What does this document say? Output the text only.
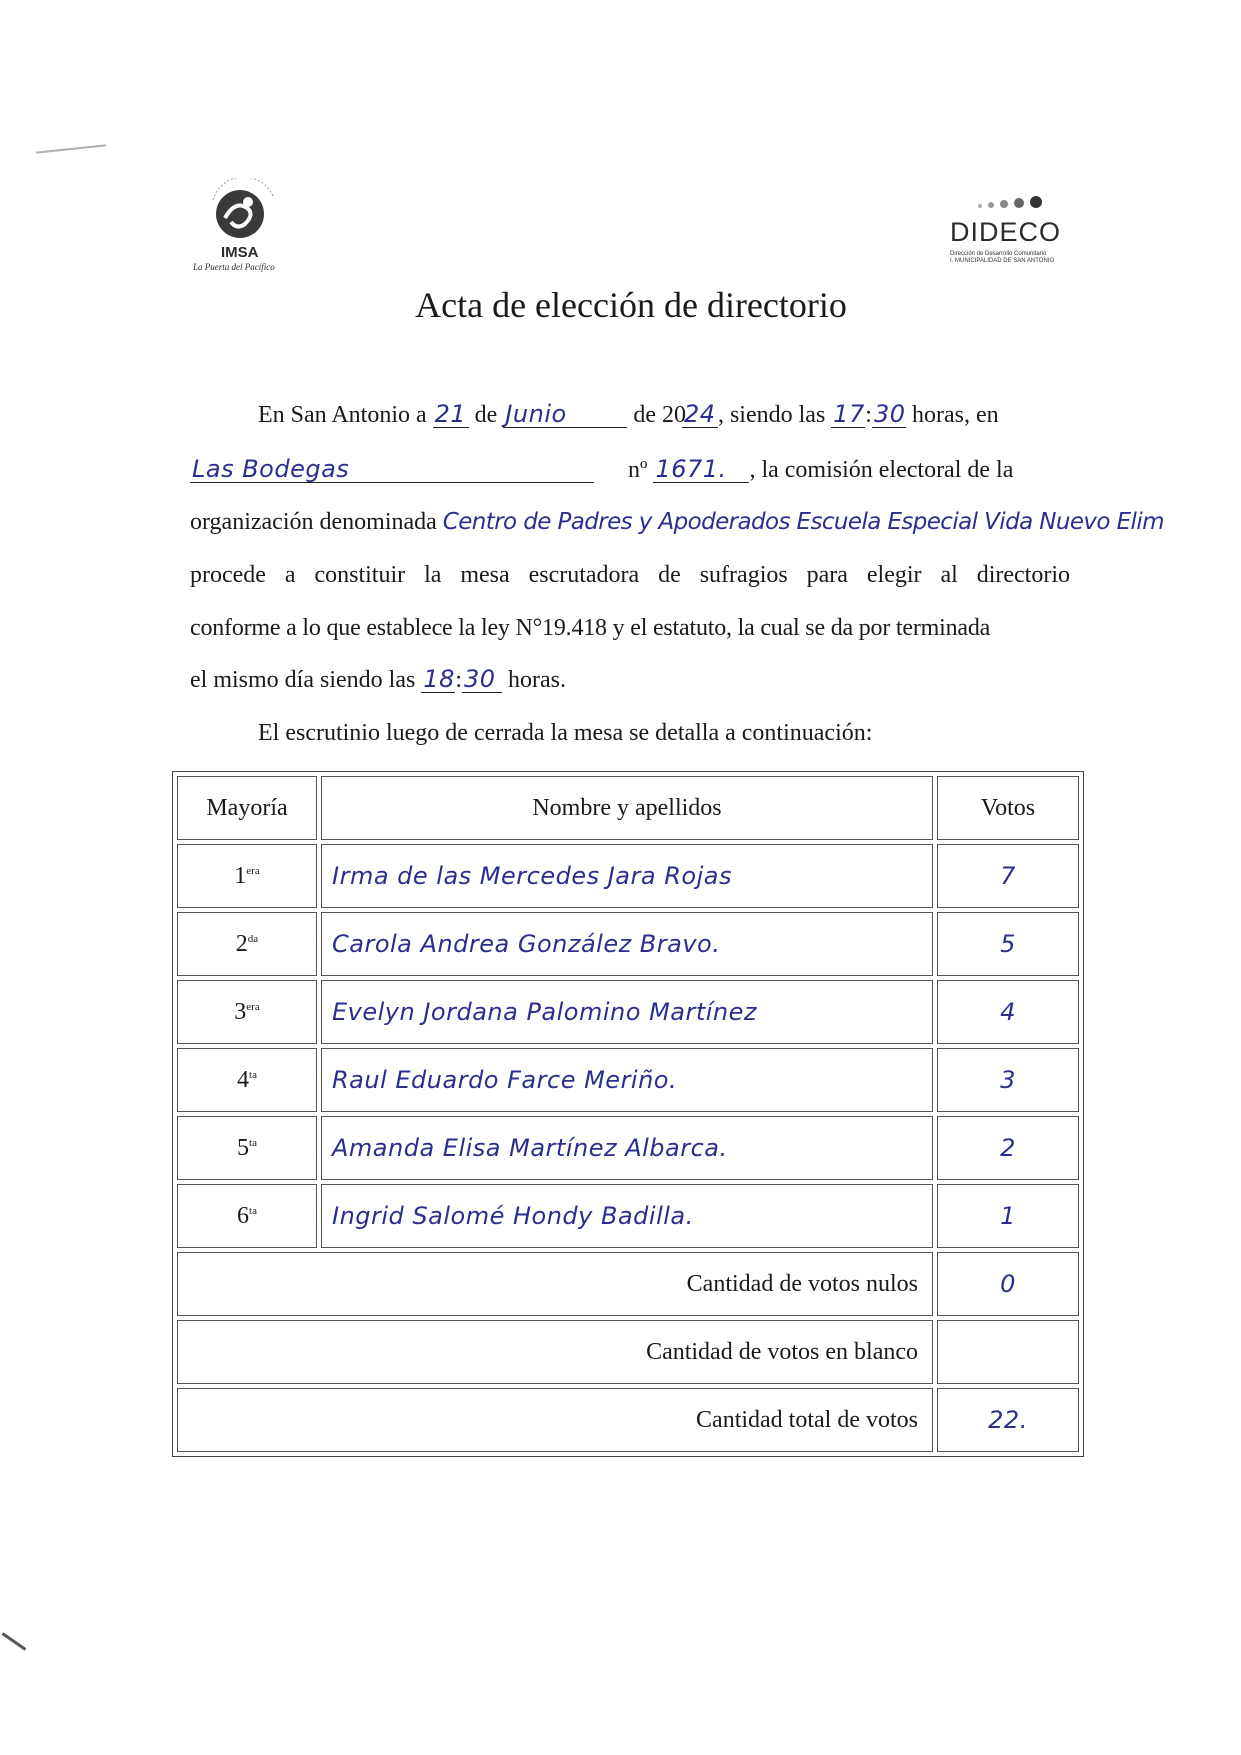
IMSA
La Puerta del Pacífico

DIDECO
Dirección de Desarrollo Comunitario
I. MUNICIPALIDAD DE SAN ANTONIO
Acta de elección de directorio
En San Antonio a 21 de Junio	de 2024 , siendo las 17:30 horas, en
Las Bodegas	nº 1671. , la comisión electoral de la
organización denominada Centro de Padres y Apoderados Escuela Especial Vida Nuevo Elim
procede a constituir la mesa escrutadora de sufragios para elegir al directorio
conforme a lo que establece la ley N°19.418 y el estatuto, la cual se da por terminada
el mismo día siendo las 18:30 horas.
El escrutinio luego de cerrada la mesa se detalla a continuación:
Mayoría	Nombre y apellidos	Votos
$1^{era}$	Irma de las Mercedes Jara Rojas	7
$2^{da}$	Carola Andrea González Bravo.	5
$3^{era}$	Evelyn Jordana Palomino Martínez	4
$4^{ta}$	Raul Eduardo Farce Meriño.	3
$5^{ta}$	Amanda Elisa Martínez Albarca.	2
$6^{ta}$	Ingrid Salomé Hondy Badilla.	1
Cantidad de votos nulos		0
Cantidad de votos en blanco		
Cantidad total de votos		22.
